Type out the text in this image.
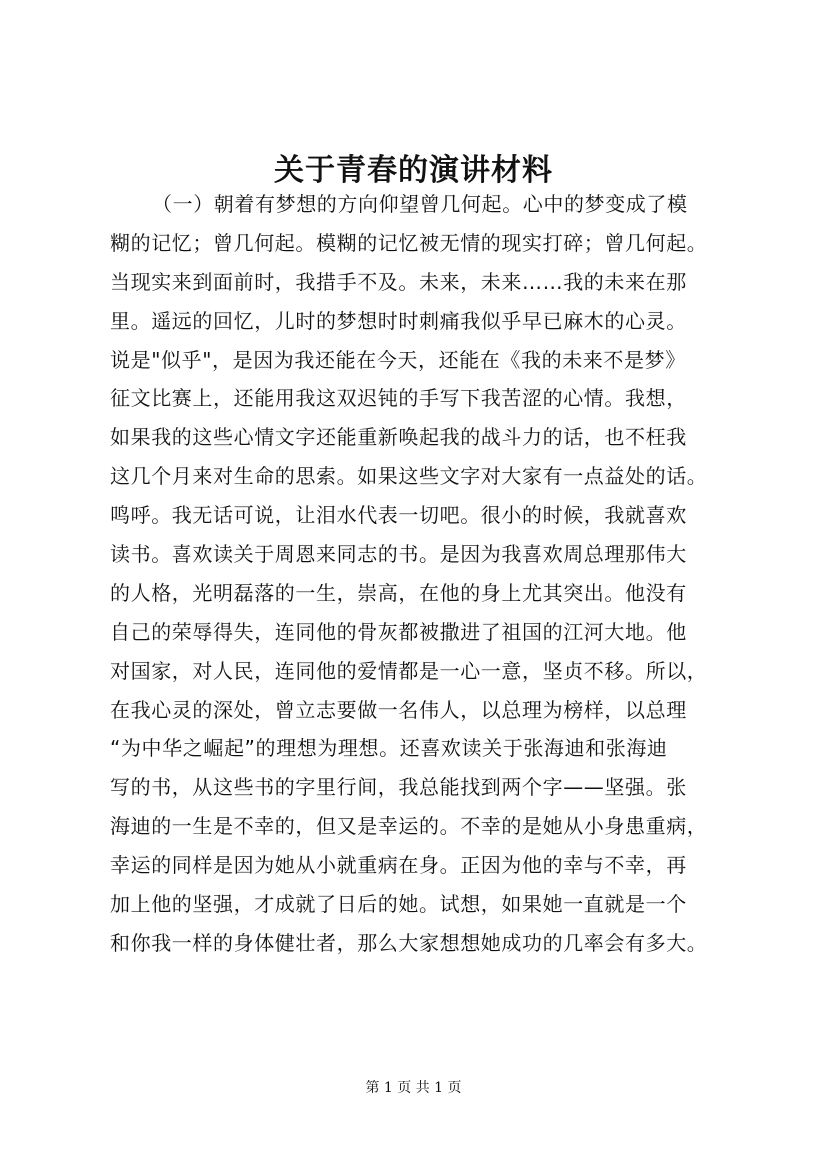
关于青春的演讲材料
（一）朝着有梦想的方向仰望曾几何起。心中的梦变成了模
糊的记忆；曾几何起。模糊的记忆被无情的现实打碎；曾几何起。
当现实来到面前时，我措手不及。未来，未来……我的未来在那
里。遥远的回忆，儿时的梦想时时刺痛我似乎早已麻木的心灵。
说是"似乎"，是因为我还能在今天，还能在《我的未来不是梦》
征文比赛上，还能用我这双迟钝的手写下我苦涩的心情。我想，
如果我的这些心情文字还能重新唤起我的战斗力的话，也不枉我
这几个月来对生命的思索。如果这些文字对大家有一点益处的话。
鸣呼。我无话可说，让泪水代表一切吧。很小的时候，我就喜欢
读书。喜欢读关于周恩来同志的书。是因为我喜欢周总理那伟大
的人格，光明磊落的一生，崇高，在他的身上尤其突出。他没有
自己的荣辱得失，连同他的骨灰都被撒进了祖国的江河大地。他
对国家，对人民，连同他的爱情都是一心一意，坚贞不移。所以，
在我心灵的深处，曾立志要做一名伟人，以总理为榜样，以总理
“为中华之崛起”的理想为理想。还喜欢读关于张海迪和张海迪
写的书，从这些书的字里行间，我总能找到两个字——坚强。张
海迪的一生是不幸的，但又是幸运的。不幸的是她从小身患重病，
幸运的同样是因为她从小就重病在身。正因为他的幸与不幸，再
加上他的坚强，才成就了日后的她。试想，如果她一直就是一个
和你我一样的身体健壮者，那么大家想想她成功的几率会有多大。
第 1 页 共 1 页
